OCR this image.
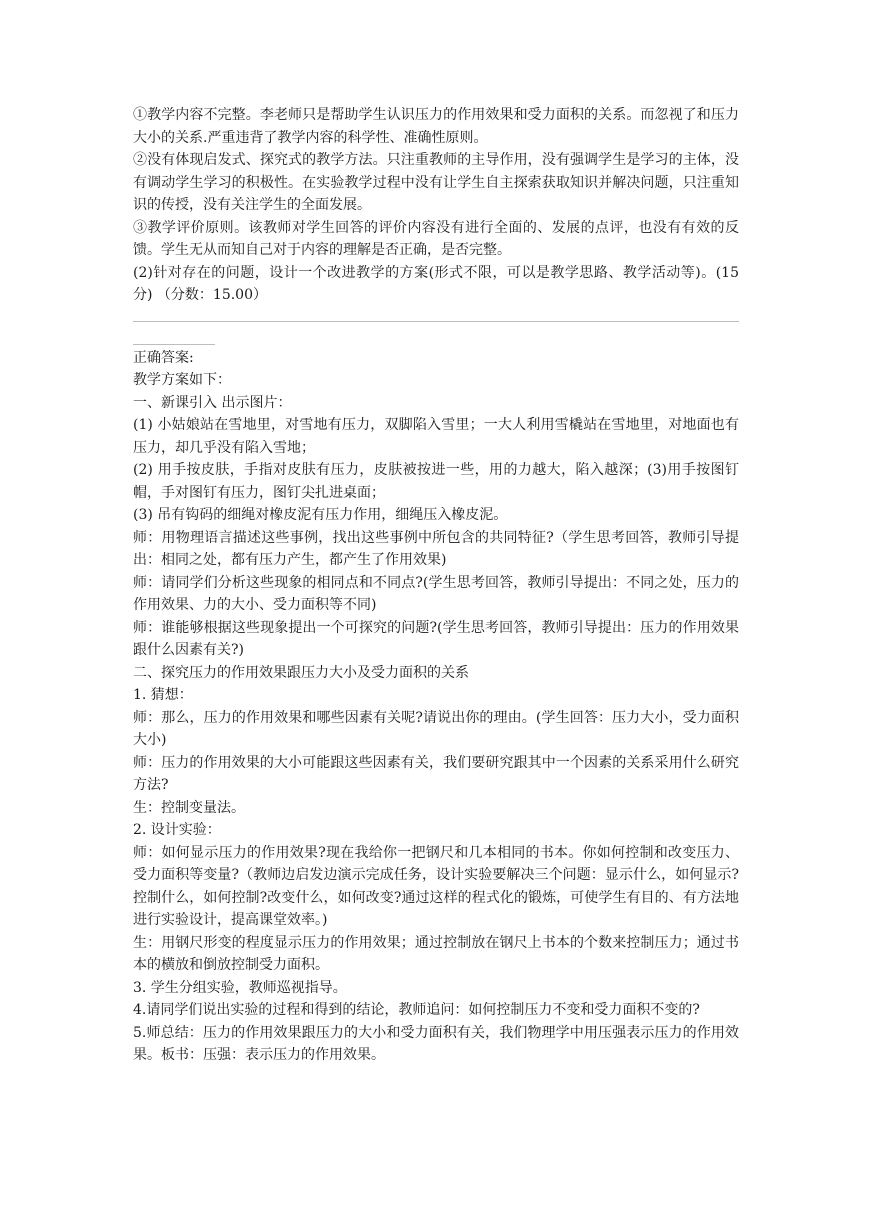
①教学内容不完整。李老师只是帮助学生认识压力的作用效果和受力面积的关系。而忽视了和压力大小的关系.严重违背了教学内容的科学性、准确性原则。

②没有体现启发式、探究式的教学方法。只注重教师的主导作用，没有强调学生是学习的主体，没有调动学生学习的积极性。在实验教学过程中没有让学生自主探索获取知识并解决问题，只注重知识的传授，没有关注学生的全面发展。

③教学评价原则。该教师对学生回答的评价内容没有进行全面的、发展的点评，也没有有效的反馈。学生无从而知自己对于内容的理解是否正确，是否完整。

(2)针对存在的问题，设计一个改进教学的方案(形式不限，可以是教学思路、教学活动等)。(15 分) （分数：15.00）

正确答案:

教学方案如下：

一、新课引入 出示图片：

(1) 小姑娘站在雪地里，对雪地有压力，双脚陷入雪里；一大人利用雪橇站在雪地里，对地面也有压力，却几乎没有陷入雪地；

(2) 用手按皮肤，手指对皮肤有压力，皮肤被按进一些，用的力越大，陷入越深；(3)用手按图钉帽，手对图钉有压力，图钉尖扎进桌面；

(3) 吊有钩码的细绳对橡皮泥有压力作用，细绳压入橡皮泥。

师：用物理语言描述这些事例，找出这些事例中所包含的共同特征?（学生思考回答，教师引导提出：相同之处，都有压力产生，都产生了作用效果)

师：请同学们分析这些现象的相同点和不同点?(学生思考回答，教师引导提出：不同之处，压力的作用效果、力的大小、受力面积等不同)

师：谁能够根据这些现象提出一个可探究的问题?(学生思考回答，教师引导提出：压力的作用效果跟什么因素有关?)

二、探究压力的作用效果跟压力大小及受力面积的关系

1. 猜想：

师：那么，压力的作用效果和哪些因素有关呢?请说出你的理由。(学生回答：压力大小，受力面积大小)

师：压力的作用效果的大小可能跟这些因素有关，我们要研究跟其中一个因素的关系采用什么研究方法?

生：控制变量法。

2. 设计实验：

师：如何显示压力的作用效果?现在我给你一把钢尺和几本相同的书本。你如何控制和改变压力、受力面积等变量?（教师边启发边演示完成任务，设计实验要解决三个问题：显示什么，如何显示?控制什么，如何控制?改变什么，如何改变?通过这样的程式化的锻炼，可使学生有目的、有方法地进行实验设计，提高课堂效率。)

生：用钢尺形变的程度显示压力的作用效果；通过控制放在钢尺上书本的个数来控制压力；通过书本的横放和倒放控制受力面积。

3. 学生分组实验，教师巡视指导。

4.请同学们说出实验的过程和得到的结论，教师追问：如何控制压力不变和受力面积不变的?

5.师总结：压力的作用效果跟压力的大小和受力面积有关，我们物理学中用压强表示压力的作用效果。板书：压强：表示压力的作用效果。
